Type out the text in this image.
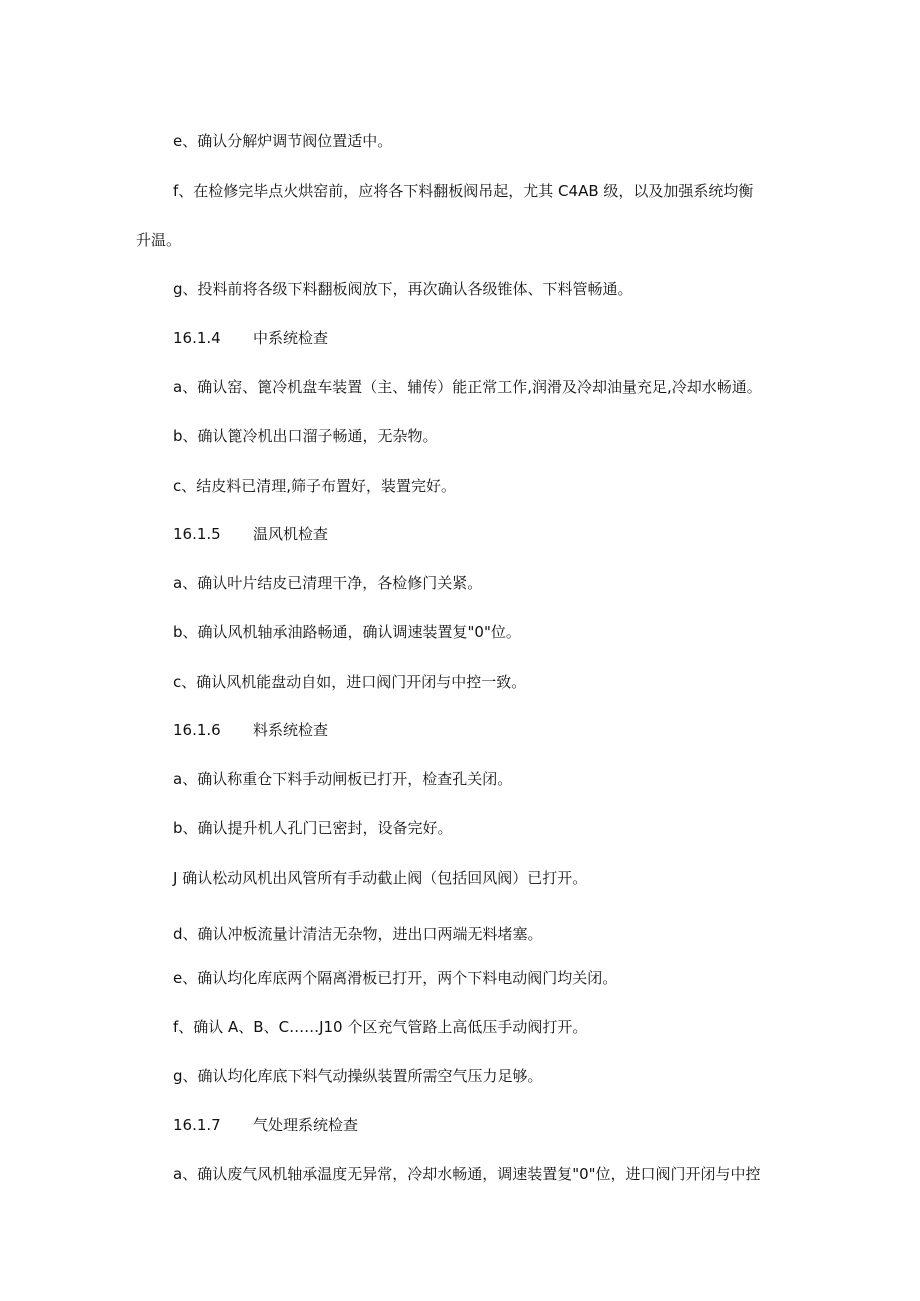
e、确认分解炉调节阀位置适中。
f、在检修完毕点火烘窑前，应将各下料翻板阀吊起，尤其 C4AB 级，以及加强系统均衡
升温。
g、投料前将各级下料翻板阀放下，再次确认各级锥体、下料管畅通。
16.1.4 中系统检查
a、确认窑、篦冷机盘车装置（主、辅传）能正常工作,润滑及冷却油量充足,冷却水畅通。
b、确认篦冷机出口溜子畅通，无杂物。
c、结皮料已清理,筛子布置好，装置完好。
16.1.5 温风机检查
a、确认叶片结皮已清理干净，各检修门关紧。
b、确认风机轴承油路畅通，确认调速装置复"0"位。
c、确认风机能盘动自如，进口阀门开闭与中控一致。
16.1.6 料系统检查
a、确认称重仓下料手动闸板已打开，检查孔关闭。
b、确认提升机人孔门已密封，设备完好。
J 确认松动风机出风管所有手动截止阀（包括回风阀）已打开。
d、确认冲板流量计清洁无杂物，进出口两端无料堵塞。
e、确认均化库底两个隔离滑板已打开，两个下料电动阀门均关闭。
f、确认 A、B、C……J10 个区充气管路上高低压手动阀打开。
g、确认均化库底下料气动操纵装置所需空气压力足够。
16.1.7 气处理系统检查
a、确认废气风机轴承温度无异常，冷却水畅通，调速装置复"0"位，进口阀门开闭与中控
